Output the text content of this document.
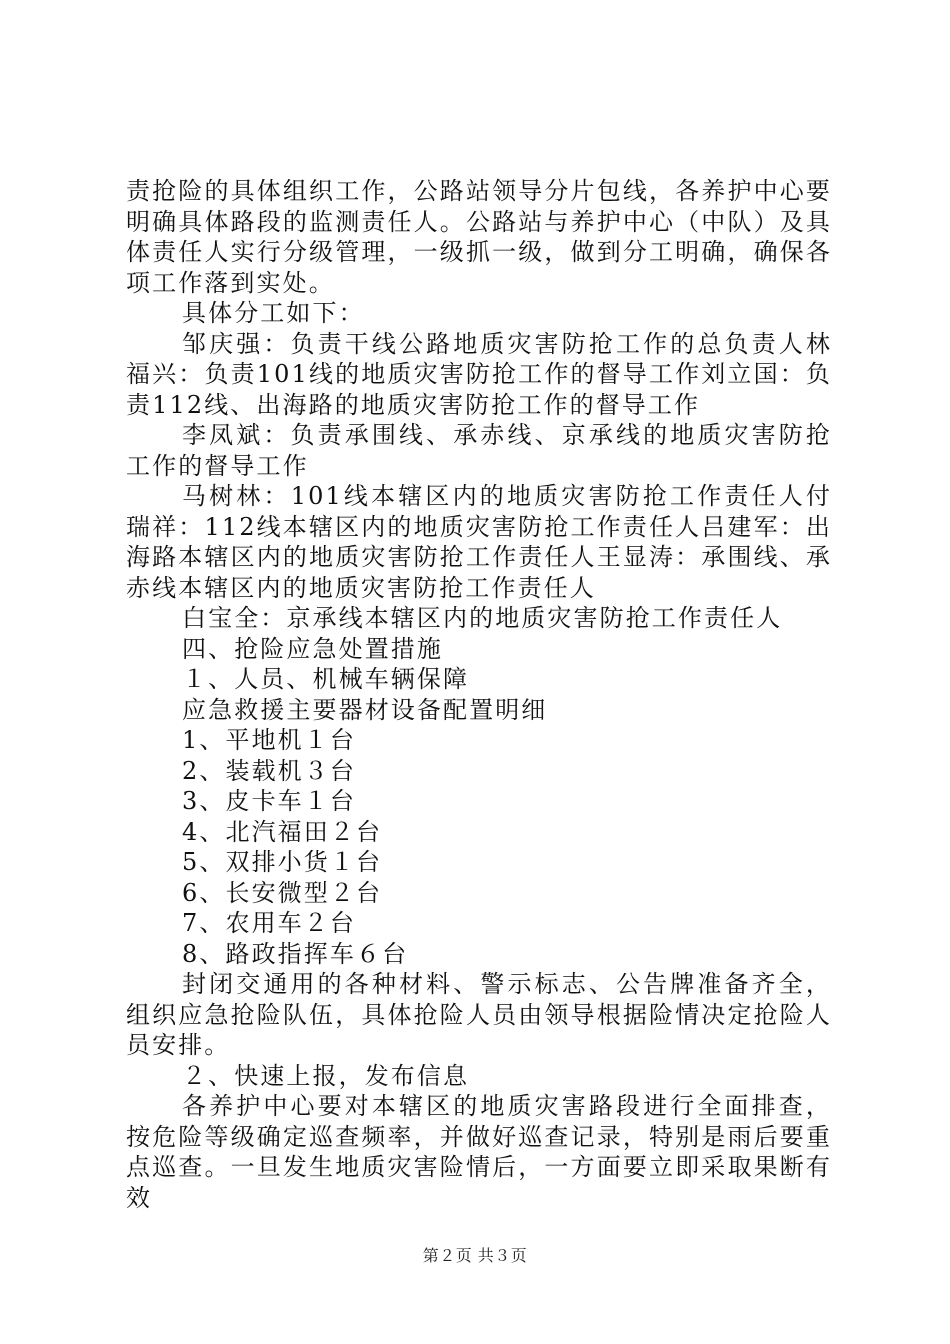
责抢险的具体组织工作，公路站领导分片包线，各养护中心要明确具体路段的监测责任人。公路站与养护中心（中队）及具体责任人实行分级管理，一级抓一级，做到分工明确，确保各项工作落到实处。

具体分工如下：

邹庆强：负责干线公路地质灾害防抢工作的总负责人林福兴：负责101线的地质灾害防抢工作的督导工作刘立国：负责112线、出海路的地质灾害防抢工作的督导工作

李凤斌：负责承围线、承赤线、京承线的地质灾害防抢工作的督导工作

马树林：101线本辖区内的地质灾害防抢工作责任人付瑞祥：112线本辖区内的地质灾害防抢工作责任人吕建军：出海路本辖区内的地质灾害防抢工作责任人王显涛：承围线、承赤线本辖区内的地质灾害防抢工作责任人

白宝全：京承线本辖区内的地质灾害防抢工作责任人

四、抢险应急处置措施

１、人员、机械车辆保障

应急救援主要器材设备配置明细

1、平地机１台

2、装载机３台

3、皮卡车１台

4、北汽福田２台

5、双排小货１台

6、长安微型２台

7、农用车２台

8、路政指挥车６台

封闭交通用的各种材料、警示标志、公告牌准备齐全，组织应急抢险队伍，具体抢险人员由领导根据险情决定抢险人员安排。

２、快速上报，发布信息

各养护中心要对本辖区的地质灾害路段进行全面排查，按危险等级确定巡查频率，并做好巡查记录，特别是雨后要重点巡查。一旦发生地质灾害险情后，一方面要立即采取果断有效

第２页 共３页
